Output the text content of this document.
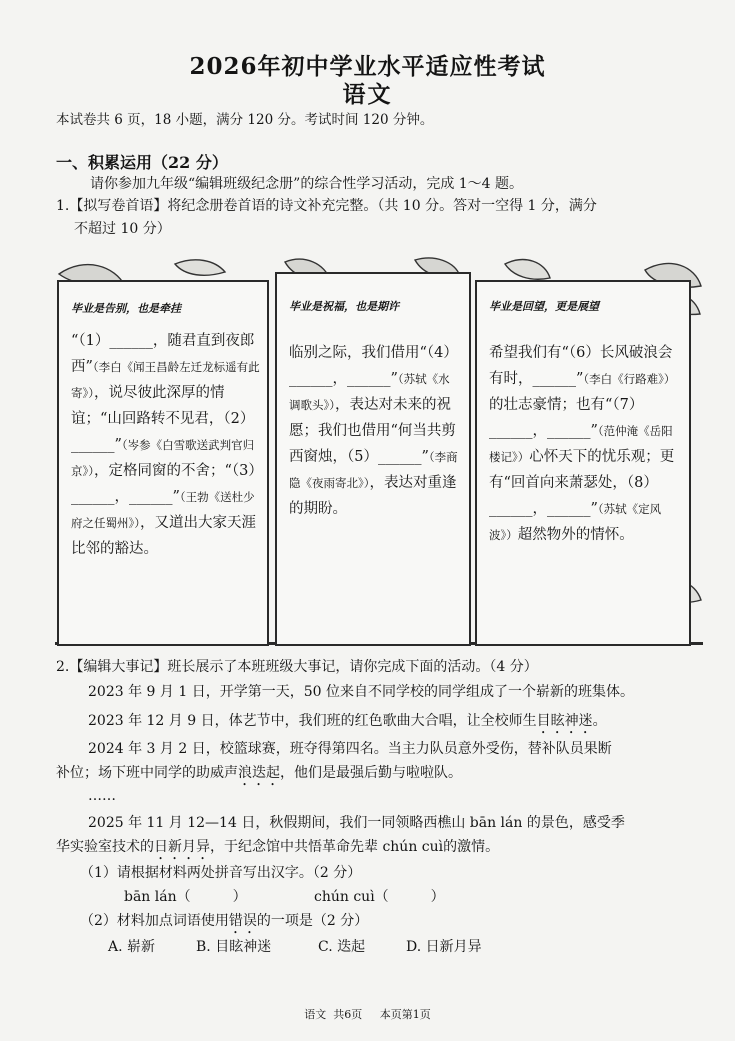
2026年初中学业水平适应性考试
语文
本试卷共 6 页，18 小题，满分 120 分。考试时间 120 分钟。
一、积累运用（22 分）
请你参加九年级“编辑班级纪念册”的综合性学习活动，完成 1～4 题。
1.【拟写卷首语】将纪念册卷首语的诗文补充完整。（共 10 分。答对一空得 1 分，满分
不超过 10 分）
毕业是告别，也是牵挂
“（1）______，随君直到夜郎西”（李白《闻王昌龄左迁龙标遥有此寄》），说尽彼此深厚的情谊；“山回路转不见君，（2）______”（岑参《白雪歌送武判官归京》），定格同窗的不舍；“（3）______，______”（王勃《送杜少府之任蜀州》），又道出大家天涯比邻的豁达。
毕业是祝福，也是期许
临别之际，我们借用“（4）______，______”（苏轼《水调歌头》），表达对未来的祝愿；我们也借用“何当共剪西窗烛，（5）______”（李商隐《夜雨寄北》），表达对重逢的期盼。
毕业是回望，更是展望
希望我们有“（6）长风破浪会有时，______”（李白《行路难》）的壮志豪情；也有“（7）______，______”（范仲淹《岳阳楼记》）心怀天下的忧乐观；更有“回首向来萧瑟处，（8）______，______”（苏轼《定风波》）超然物外的情怀。
2.【编辑大事记】班长展示了本班班级大事记，请你完成下面的活动。（4 分）
2023 年 9 月 1 日，开学第一天，50 位来自不同学校的同学组成了一个崭新的班集体。
2023 年 12 月 9 日，体艺节中，我们班的红色歌曲大合唱，让全校师生目眩神迷。
2024 年 3 月 2 日，校篮球赛，班夺得第四名。当主力队员意外受伤，替补队员果断
补位；场下班中同学的助威声浪迭起，他们是最强后勤与啦啦队。
……
2025 年 11 月 12—14 日，秋假期间，我们一同领略西樵山 bān lán 的景色，感受季
华实验室技术的日新月异，于纪念馆中共悟革命先辈 chún cuì的激情。
（1）请根据材料两处拼音写出汉字。（2 分）
bān lán（　　　）	chún cuì（　　　）
（2）材料加点词语使用错误的一项是（2 分）
A. 崭新	B. 目眩神迷	C. 迭起	D. 日新月异
语文  共6页     本页第1页
